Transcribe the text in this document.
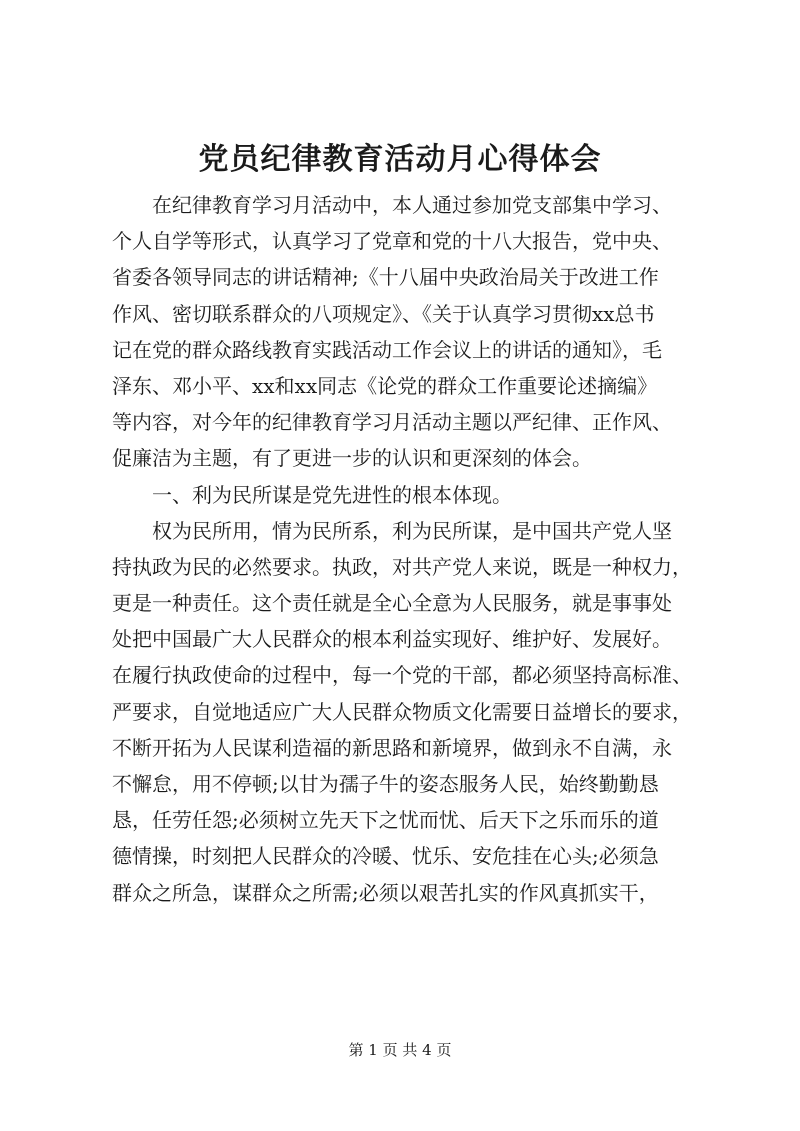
党员纪律教育活动月心得体会
在纪律教育学习月活动中，本人通过参加党支部集中学习、
个人自学等形式，认真学习了党章和党的十八大报告，党中央、
省委各领导同志的讲话精神;《十八届中央政治局关于改进工作
作风、密切联系群众的八项规定》、《关于认真学习贯彻xx总书
记在党的群众路线教育实践活动工作会议上的讲话的通知》，毛
泽东、邓小平、xx和xx同志《论党的群众工作重要论述摘编》
等内容，对今年的纪律教育学习月活动主题以严纪律、正作风、
促廉洁为主题，有了更进一步的认识和更深刻的体会。
一、利为民所谋是党先进性的根本体现。
权为民所用，情为民所系，利为民所谋，是中国共产党人坚
持执政为民的必然要求。执政，对共产党人来说，既是一种权力，
更是一种责任。这个责任就是全心全意为人民服务，就是事事处
处把中国最广大人民群众的根本利益实现好、维护好、发展好。
在履行执政使命的过程中，每一个党的干部，都必须坚持高标准、
严要求，自觉地适应广大人民群众物质文化需要日益增长的要求，
不断开拓为人民谋利造福的新思路和新境界，做到永不自满，永
不懈怠，用不停顿;以甘为孺子牛的姿态服务人民，始终勤勤恳
恳，任劳任怨;必须树立先天下之忧而忧、后天下之乐而乐的道
德情操，时刻把人民群众的冷暖、忧乐、安危挂在心头;必须急
群众之所急，谋群众之所需;必须以艰苦扎实的作风真抓实干，
第 1 页 共 4 页
